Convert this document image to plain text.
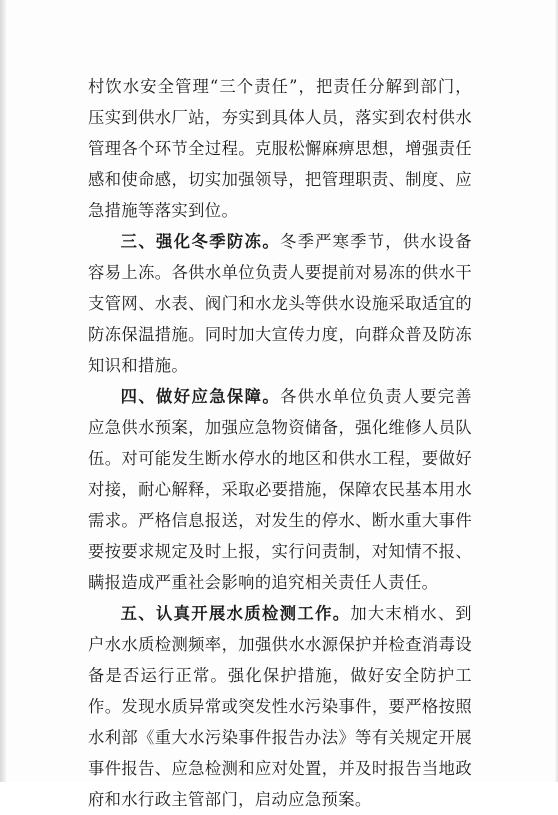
村饮水安全管理“三个责任”，把责任分解到部门，压实到供水厂站，夯实到具体人员，落实到农村供水管理各个环节全过程。克服松懈麻痹思想，增强责任感和使命感，切实加强领导，把管理职责、制度、应急措施等落实到位。

三、强化冬季防冻。冬季严寒季节，供水设备容易上冻。各供水单位负责人要提前对易冻的供水干支管网、水表、阀门和水龙头等供水设施采取适宜的防冻保温措施。同时加大宣传力度，向群众普及防冻知识和措施。

四、做好应急保障。各供水单位负责人要完善应急供水预案，加强应急物资储备，强化维修人员队伍。对可能发生断水停水的地区和供水工程，要做好对接，耐心解释，采取必要措施，保障农民基本用水需求。严格信息报送，对发生的停水、断水重大事件要按要求规定及时上报，实行问责制，对知情不报、瞒报造成严重社会影响的追究相关责任人责任。

五、认真开展水质检测工作。加大末梢水、到户水水质检测频率，加强供水水源保护并检查消毒设备是否运行正常。强化保护措施，做好安全防护工作。发现水质异常或突发性水污染事件，要严格按照水利部《重大水污染事件报告办法》等有关规定开展事件报告、应急检测和应对处置，并及时报告当地政府和水行政主管部门，启动应急预案。
